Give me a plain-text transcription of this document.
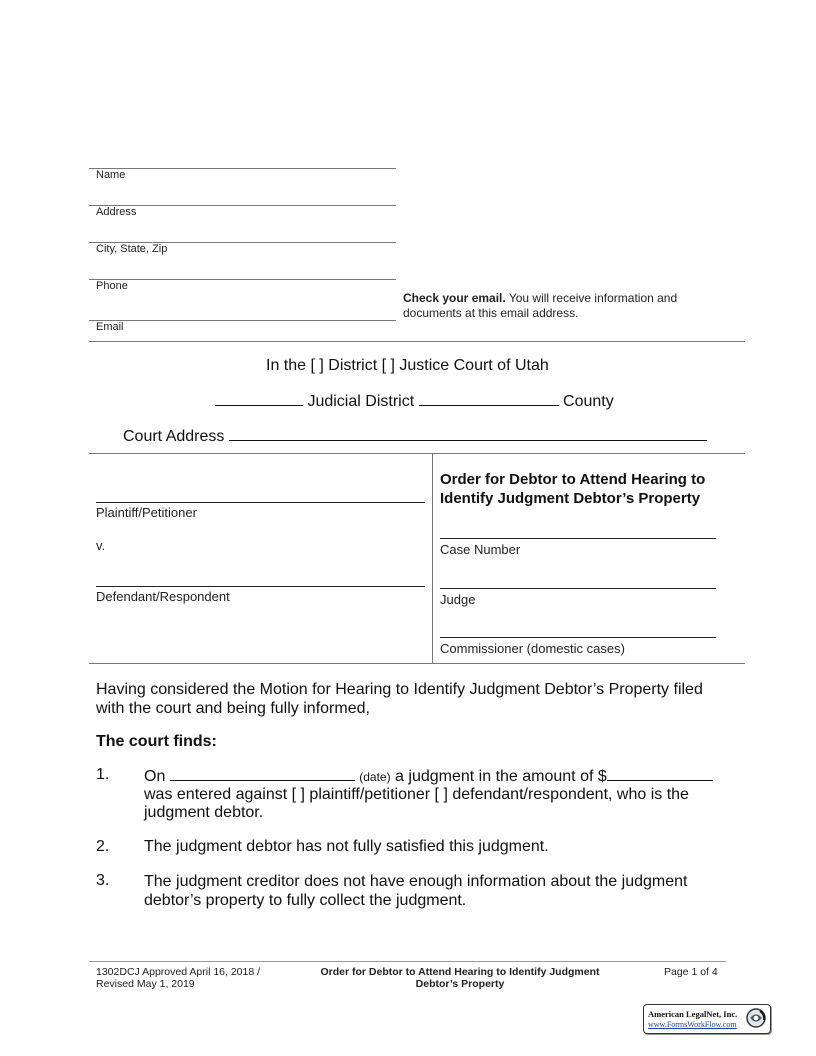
Name
Address
City, State, Zip
Phone
Email
Check your email. You will receive information and
documents at this email address.
In the [ ] District [ ] Justice Court of Utah
Judicial District	County
Court Address
Plaintiff/Petitioner
v.
Defendant/Respondent
Order for Debtor to Attend Hearing to
Identify Judgment Debtor’s Property
Case Number
Judge
Commissioner (domestic cases)
Having considered the Motion for Hearing to Identify Judgment Debtor’s Property filed
with the court and being fully informed,
The court finds:
1. On	(date) a judgment in the amount of $
was entered against [ ] plaintiff/petitioner [ ] defendant/respondent, who is the
judgment debtor.
2. The judgment debtor has not fully satisfied this judgment.
3. The judgment creditor does not have enough information about the judgment
debtor’s property to fully collect the judgment.
1302DCJ Approved April 16, 2018 /
Revised May 1, 2019
Order for Debtor to Attend Hearing to Identify Judgment
Debtor’s Property
Page 1 of 4
American LegalNet, Inc.
www.FormsWorkFlow.com
